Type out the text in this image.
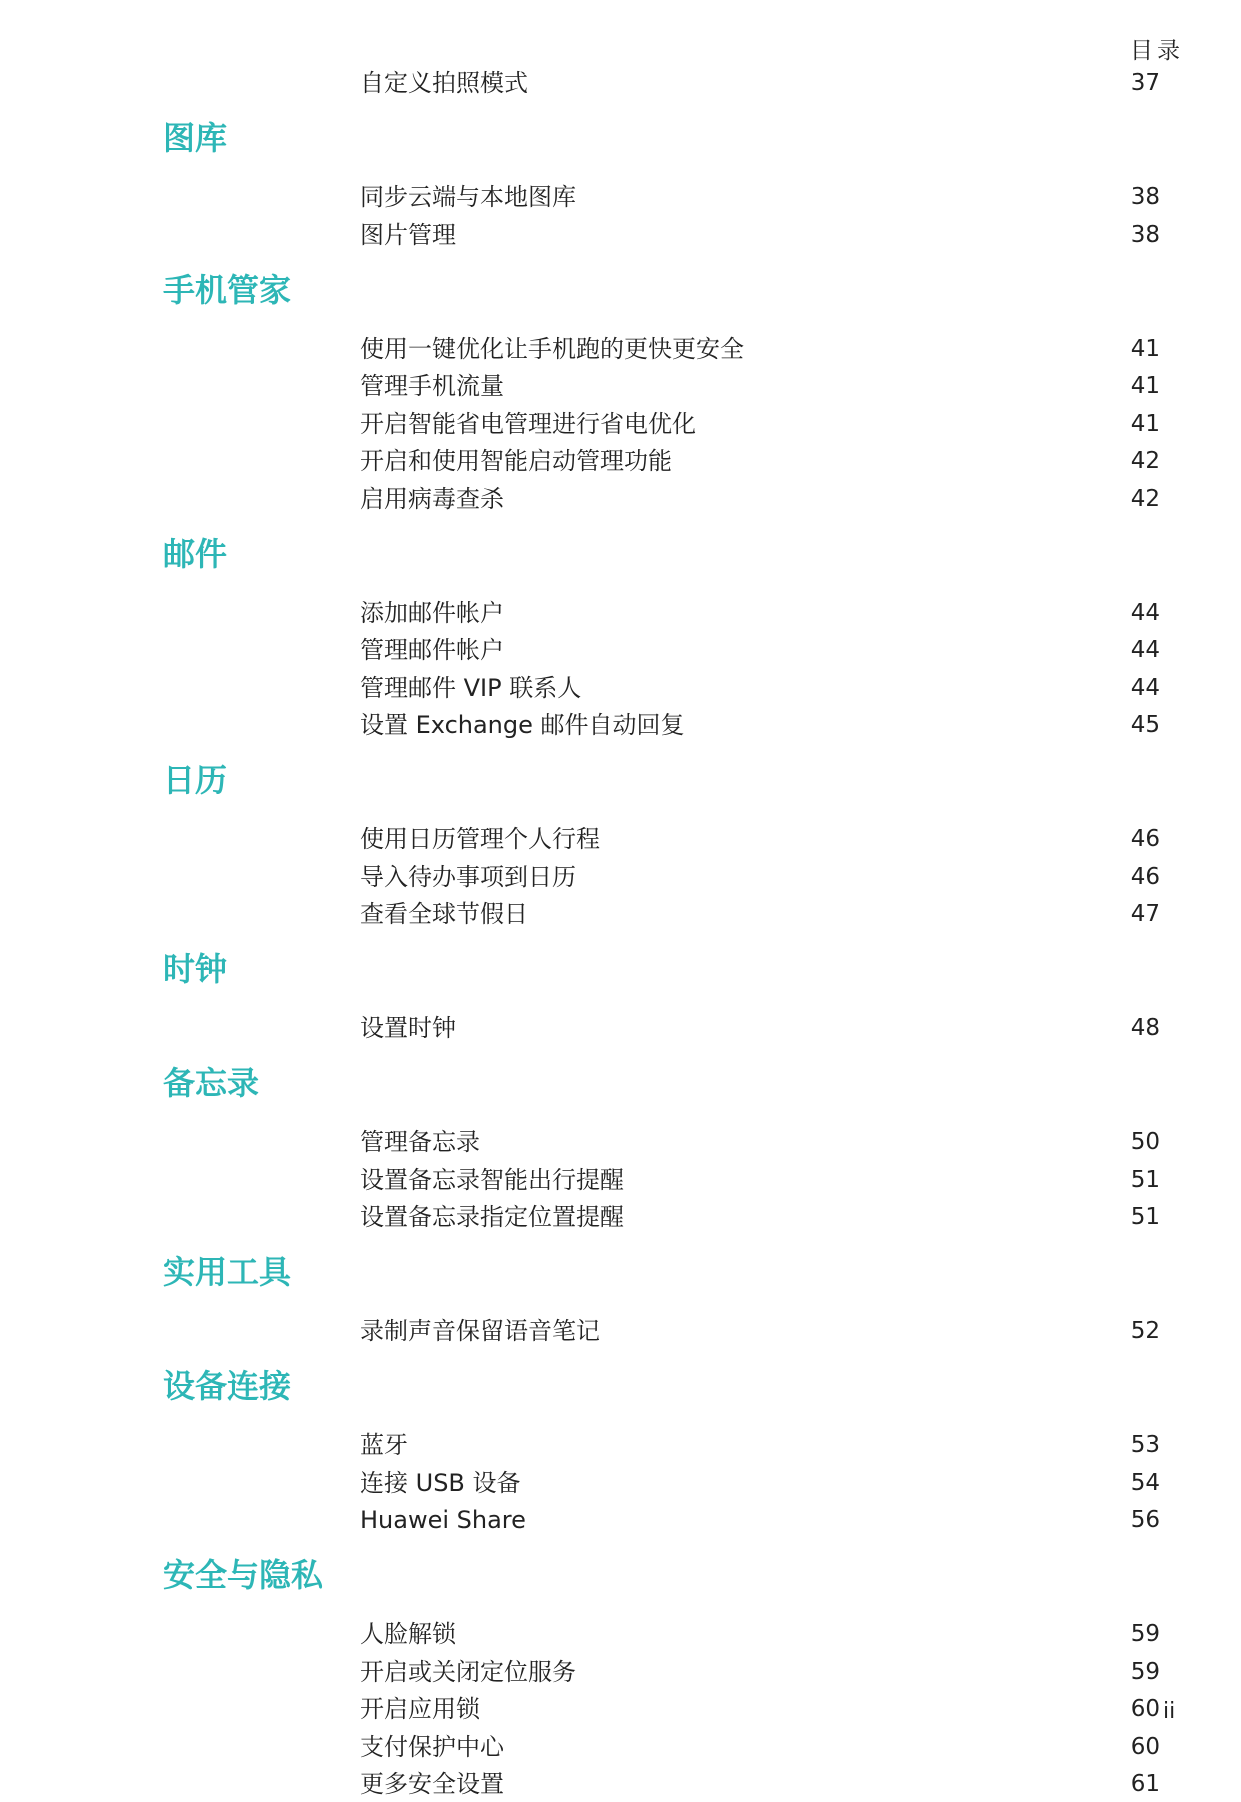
目录
自定义拍照模式	37
图库
同步云端与本地图库	38
图片管理	38
手机管家
使用一键优化让手机跑的更快更安全	41
管理手机流量	41
开启智能省电管理进行省电优化	41
开启和使用智能启动管理功能	42
启用病毒查杀	42
邮件
添加邮件帐户	44
管理邮件帐户	44
管理邮件 VIP 联系人	44
设置 Exchange 邮件自动回复	45
日历
使用日历管理个人行程	46
导入待办事项到日历	46
查看全球节假日	47
时钟
设置时钟	48
备忘录
管理备忘录	50
设置备忘录智能出行提醒	51
设置备忘录指定位置提醒	51
实用工具
录制声音保留语音笔记	52
设备连接
蓝牙	53
连接 USB 设备	54
Huawei Share	56
安全与隐私
人脸解锁	59
开启或关闭定位服务	59
开启应用锁	60
支付保护中心	60
更多安全设置	61
ii
